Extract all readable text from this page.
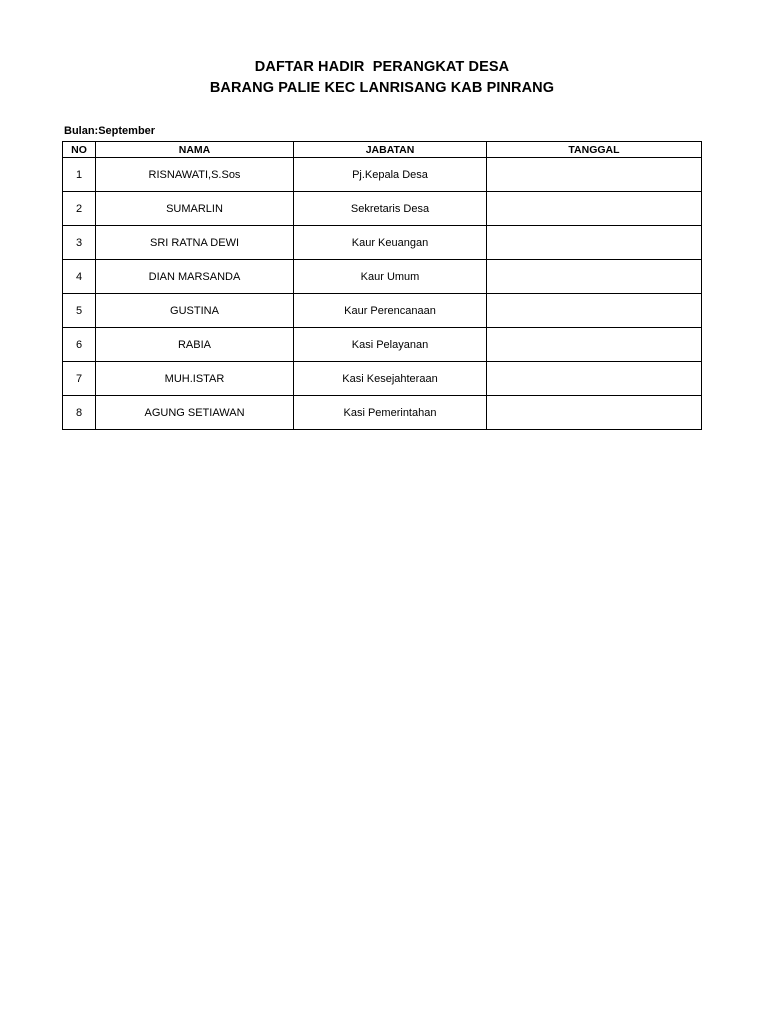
DAFTAR HADIR  PERANGKAT DESA
BARANG PALIE KEC LANRISANG KAB PINRANG
Bulan:September
NO	NAMA	JABATAN	TANGGAL
1	RISNAWATI,S.Sos	Pj.Kepala Desa	
2	SUMARLIN	Sekretaris Desa	
3	SRI RATNA DEWI	Kaur Keuangan	
4	DIAN MARSANDA	Kaur Umum	
5	GUSTINA	Kaur Perencanaan	
6	RABIA	Kasi Pelayanan	
7	MUH.ISTAR	Kasi Kesejahteraan	
8	AGUNG SETIAWAN	Kasi Pemerintahan	
